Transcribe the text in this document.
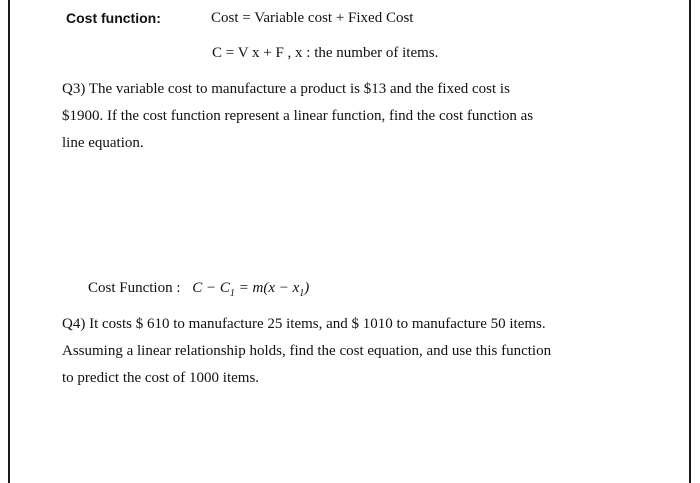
Cost function:	Cost = Variable cost + Fixed Cost
C = V x + F , x : the number of items.
Q3) The variable cost to manufacture a product is $13 and the fixed cost is
$1900. If the cost function represent a linear function, find the cost function as
line equation.
Cost Function : $C - C_1 = m(x - x_1)$
Q4) It costs $ 610 to manufacture 25 items, and $ 1010 to manufacture 50 items.
Assuming a linear relationship holds, find the cost equation, and use this function
to predict the cost of 1000 items.
